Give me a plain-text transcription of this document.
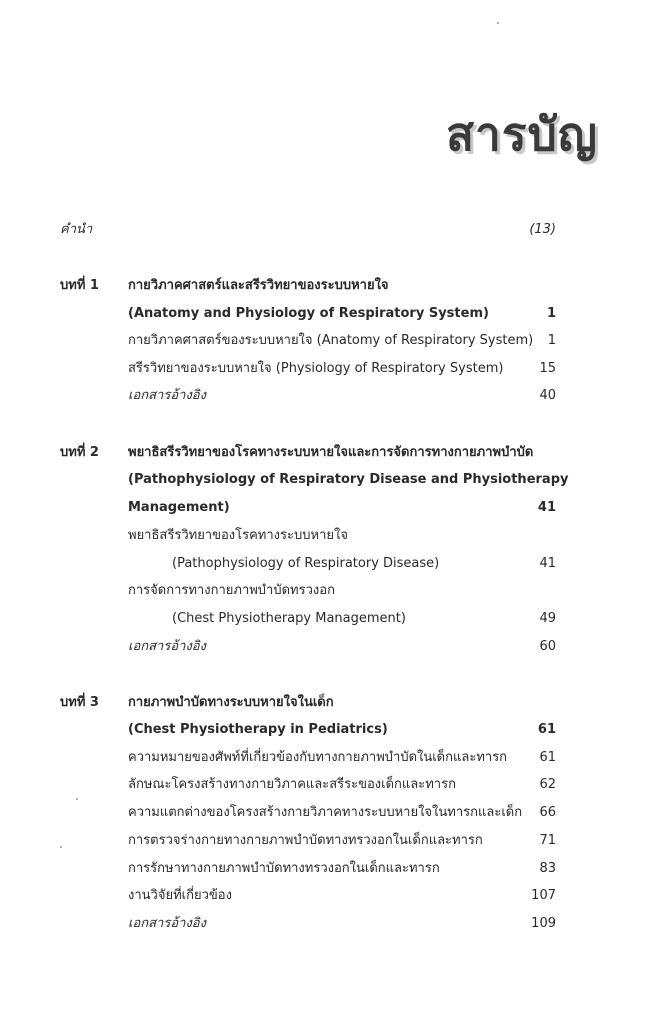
สารบัญ
คำนำ	(13)
บทที่ 1 กายวิภาคศาสตร์และสรีรวิทยาของระบบหายใจ
(Anatomy and Physiology of Respiratory System)	1
กายวิภาคศาสตร์ของระบบหายใจ (Anatomy of Respiratory System) 1
สรีรวิทยาของระบบหายใจ (Physiology of Respiratory System)	15
เอกสารอ้างอิง	40
บทที่ 2 พยาธิสรีรวิทยาของโรคทางระบบหายใจและการจัดการทางกายภาพบำบัด
(Pathophysiology of Respiratory Disease and Physiotherapy
Management)	41
พยาธิสรีรวิทยาของโรคทางระบบหายใจ
(Pathophysiology of Respiratory Disease)	41
การจัดการทางกายภาพบำบัดทรวงอก
(Chest Physiotherapy Management)	49
เอกสารอ้างอิง	60
บทที่ 3 กายภาพบำบัดทางระบบหายใจในเด็ก
(Chest Physiotherapy in Pediatrics)	61
ความหมายของศัพท์ที่เกี่ยวข้องกับทางกายภาพบำบัดในเด็กและทารก 61
ลักษณะโครงสร้างทางกายวิภาคและสรีระของเด็กและทารก	62
ความแตกต่างของโครงสร้างกายวิภาคทางระบบหายใจในทารกและเด็ก 66
การตรวจร่างกายทางกายภาพบำบัดทางทรวงอกในเด็กและทารก	71
การรักษาทางกายภาพบำบัดทางทรวงอกในเด็กและทารก	83
งานวิจัยที่เกี่ยวข้อง	107
เอกสารอ้างอิง	109
